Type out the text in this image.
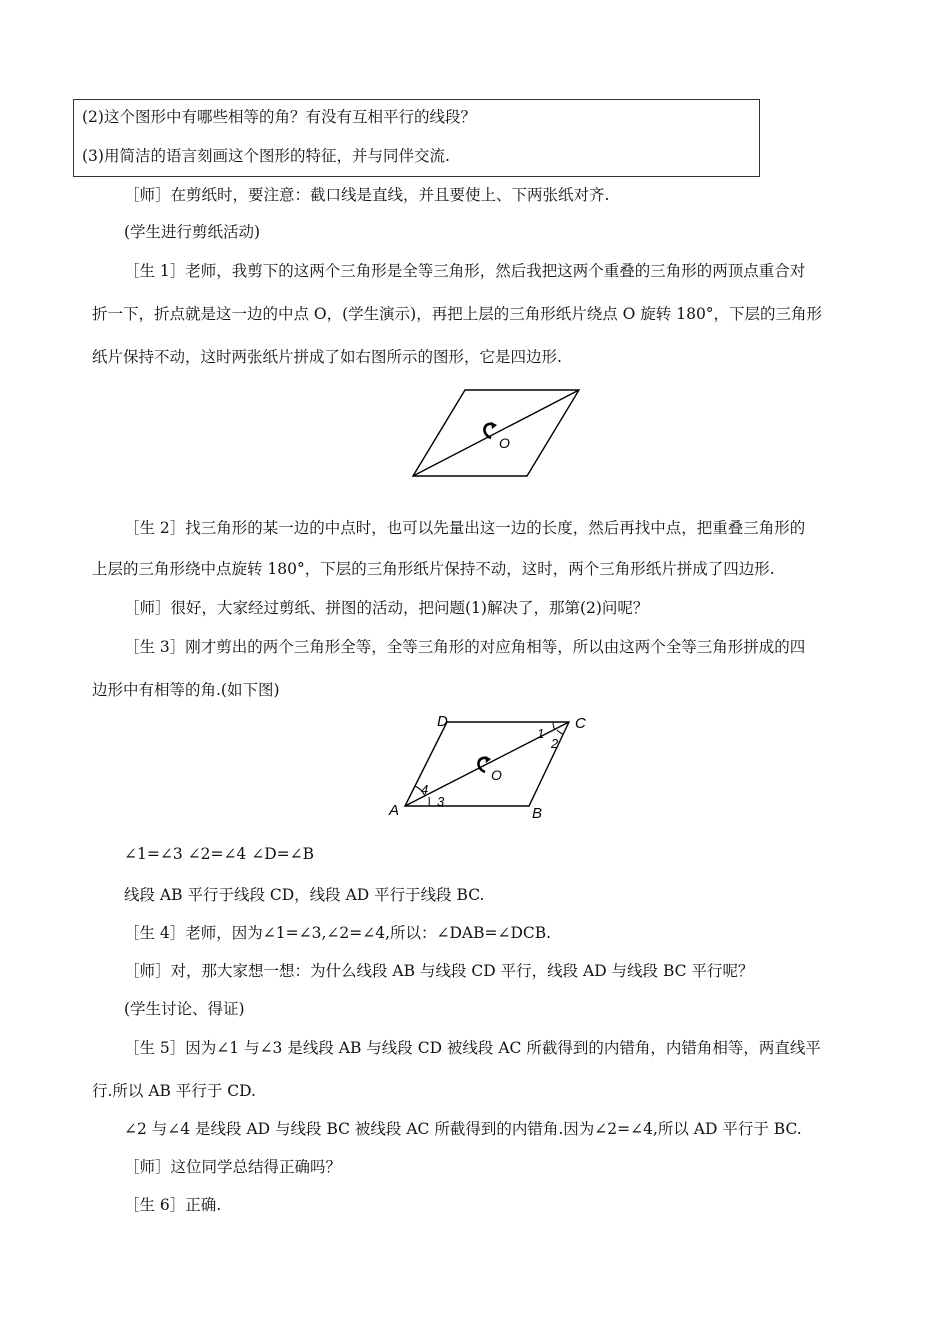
(2)这个图形中有哪些相等的角？有没有互相平行的线段？
(3)用简洁的语言刻画这个图形的特征，并与同伴交流.
［师］在剪纸时，要注意：截口线是直线，并且要使上、下两张纸对齐.
(学生进行剪纸活动)
［生 1］老师，我剪下的这两个三角形是全等三角形，然后我把这两个重叠的三角形的两顶点重合对
折一下，折点就是这一边的中点 O，(学生演示)，再把上层的三角形纸片绕点 O 旋转 180°，下层的三角形
纸片保持不动，这时两张纸片拼成了如右图所示的图形，它是四边形.
O
［生 2］找三角形的某一边的中点时，也可以先量出这一边的长度，然后再找中点，把重叠三角形的
上层的三角形绕中点旋转 180°，下层的三角形纸片保持不动，这时，两个三角形纸片拼成了四边形.
［师］很好，大家经过剪纸、拼图的活动，把问题(1)解决了，那第(2)问呢？
［生 3］刚才剪出的两个三角形全等，全等三角形的对应角相等，所以由这两个全等三角形拼成的四
边形中有相等的角.(如下图)
A	B
C
D
O
1
2
3
4
∠1=∠3 ∠2=∠4 ∠D=∠B
线段 AB 平行于线段 CD，线段 AD 平行于线段 BC.
［生 4］老师，因为∠1=∠3,∠2=∠4,所以：∠DAB=∠DCB.
［师］对，那大家想一想：为什么线段 AB 与线段 CD 平行，线段 AD 与线段 BC 平行呢？
(学生讨论、得证)
［生 5］因为∠1 与∠3 是线段 AB 与线段 CD 被线段 AC 所截得到的内错角，内错角相等，两直线平
行.所以 AB 平行于 CD.
∠2 与∠4 是线段 AD 与线段 BC 被线段 AC 所截得到的内错角.因为∠2=∠4,所以 AD 平行于 BC.
［师］这位同学总结得正确吗？
［生 6］正确.
